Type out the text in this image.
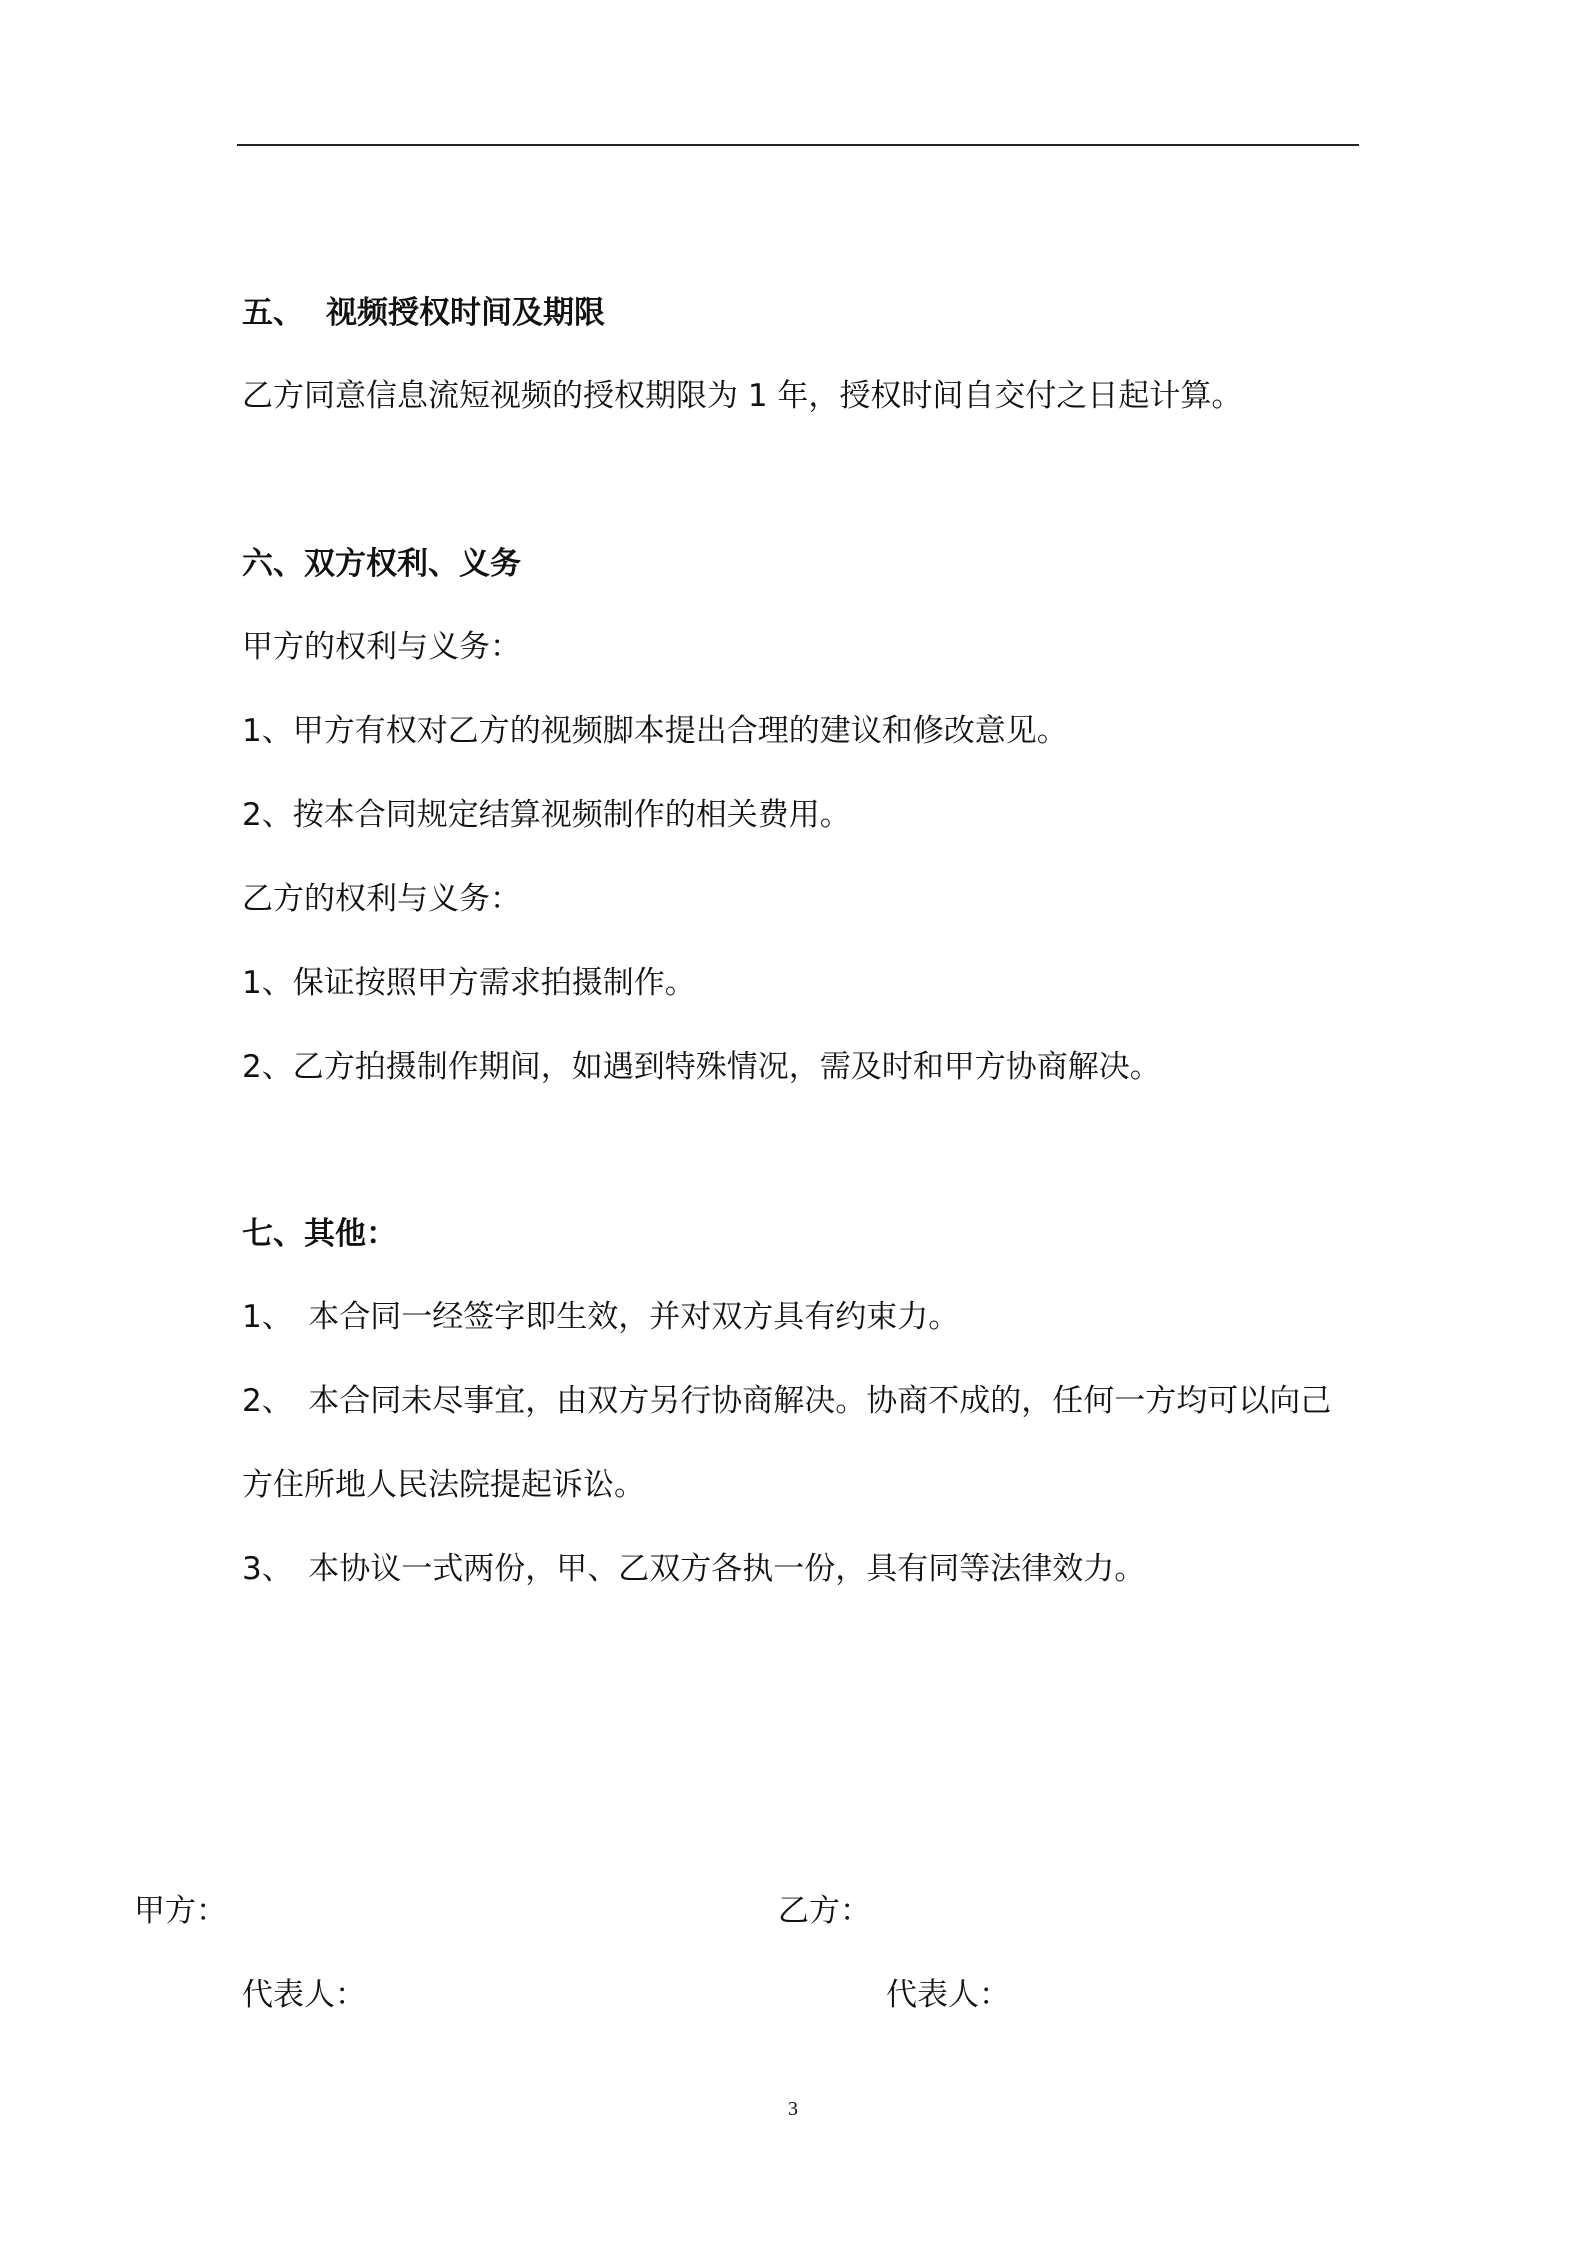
五、 视频授权时间及期限
乙方同意信息流短视频的授权期限为 1 年，授权时间自交付之日起计算。
六、双方权利、义务
甲方的权利与义务：
1、甲方有权对乙方的视频脚本提出合理的建议和修改意见。
2、按本合同规定结算视频制作的相关费用。
乙方的权利与义务：
1、保证按照甲方需求拍摄制作。
2、乙方拍摄制作期间，如遇到特殊情况，需及时和甲方协商解决。
七、其他：
1、　本合同一经签字即生效，并对双方具有约束力。
2、　本合同未尽事宜，由双方另行协商解决。协商不成的，任何一方均可以向己
方住所地人民法院提起诉讼。
3、　本协议一式两份，甲、乙双方各执一份，具有同等法律效力。
甲方：	乙方：
代表人：	代表人：
3
